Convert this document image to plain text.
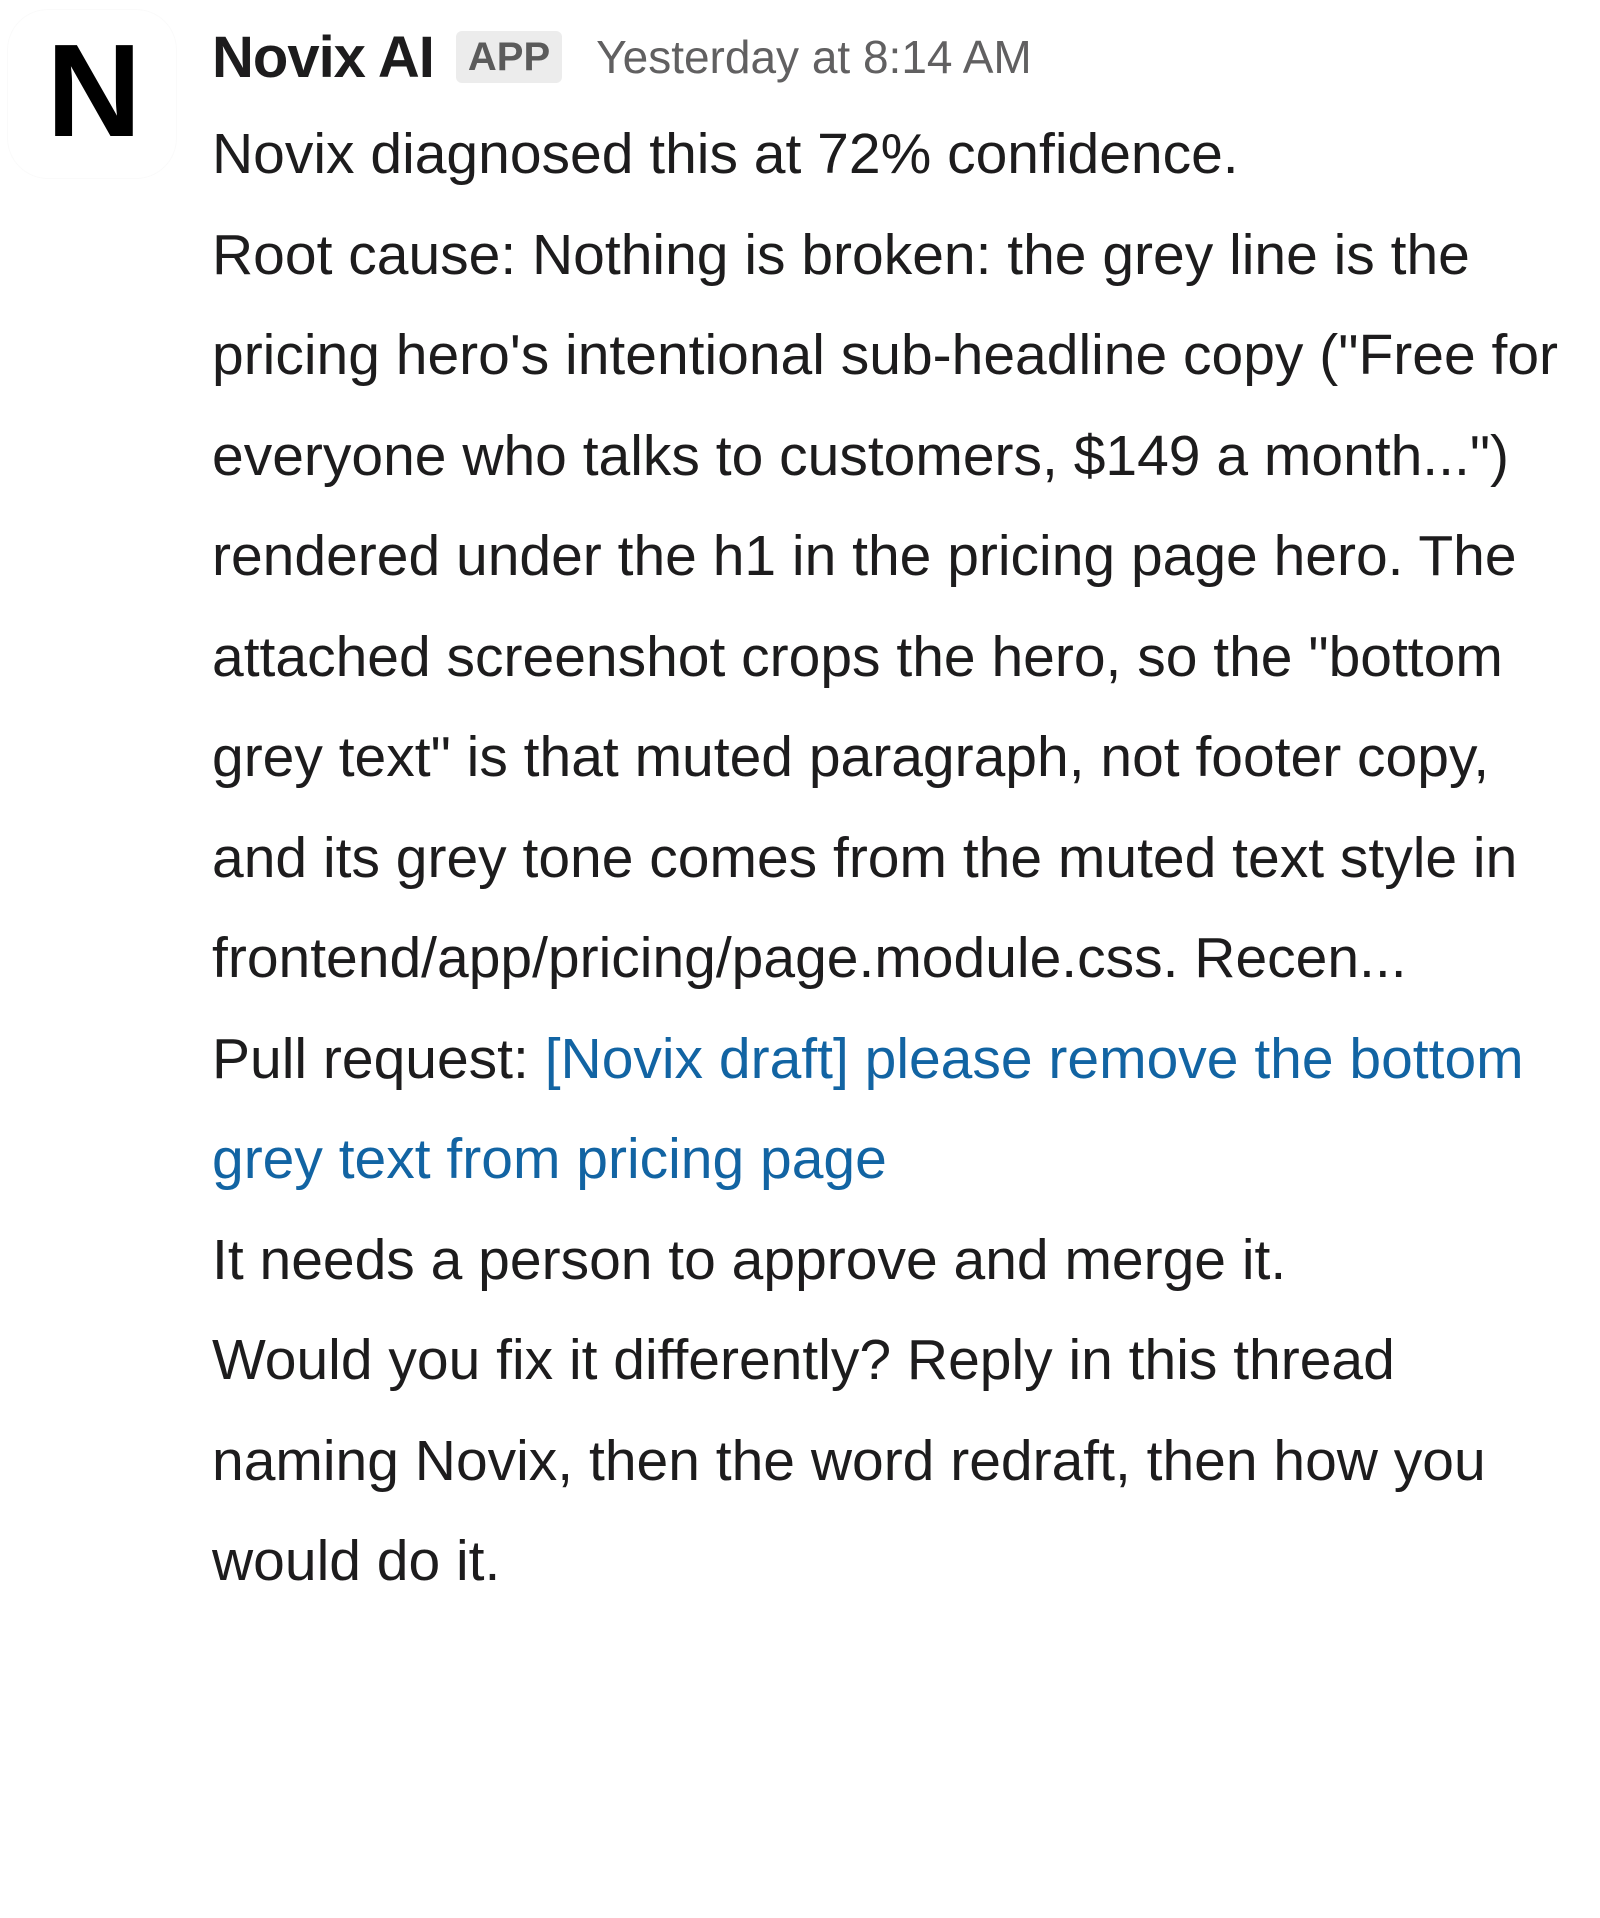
N Novix AI APP Yesterday at 8:14 AM
Novix diagnosed this at 72% confidence.
Root cause: Nothing is broken: the grey line is the pricing hero's intentional sub-headline copy ("Free for everyone who talks to customers, $149 a month...") rendered under the h1 in the pricing page hero. The attached screenshot crops the hero, so the "bottom grey text" is that muted paragraph, not footer copy, and its grey tone comes from the muted text style in frontend/app/pricing/page.module.css. Recen...
Pull request: [Novix draft] please remove the bottom grey text from pricing page
It needs a person to approve and merge it.
Would you fix it differently? Reply in this thread naming Novix, then the word redraft, then how you would do it.
